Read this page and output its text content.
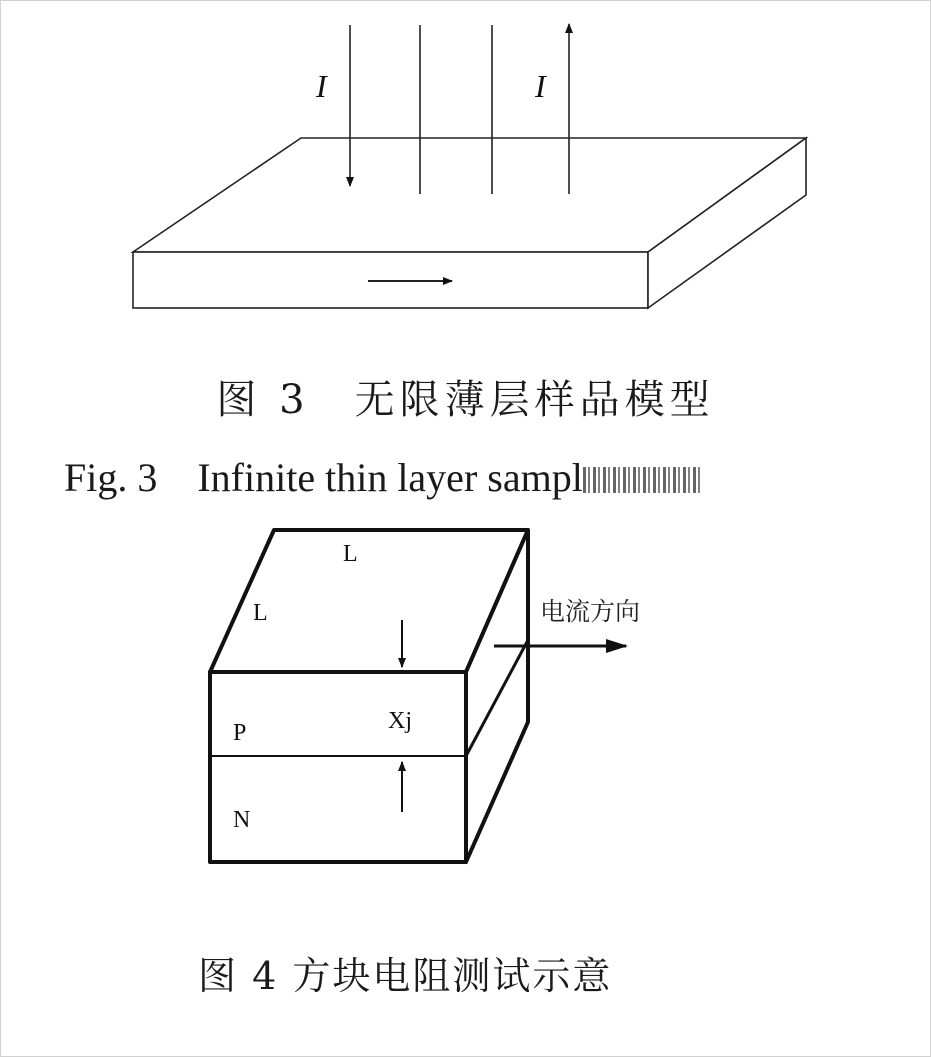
I	I
L
L
Xj
P
N
电流方向
图 3　无限薄层样品模型
Fig. 3　Infinite thin layer sampl
图 4 方块电阻测试示意
